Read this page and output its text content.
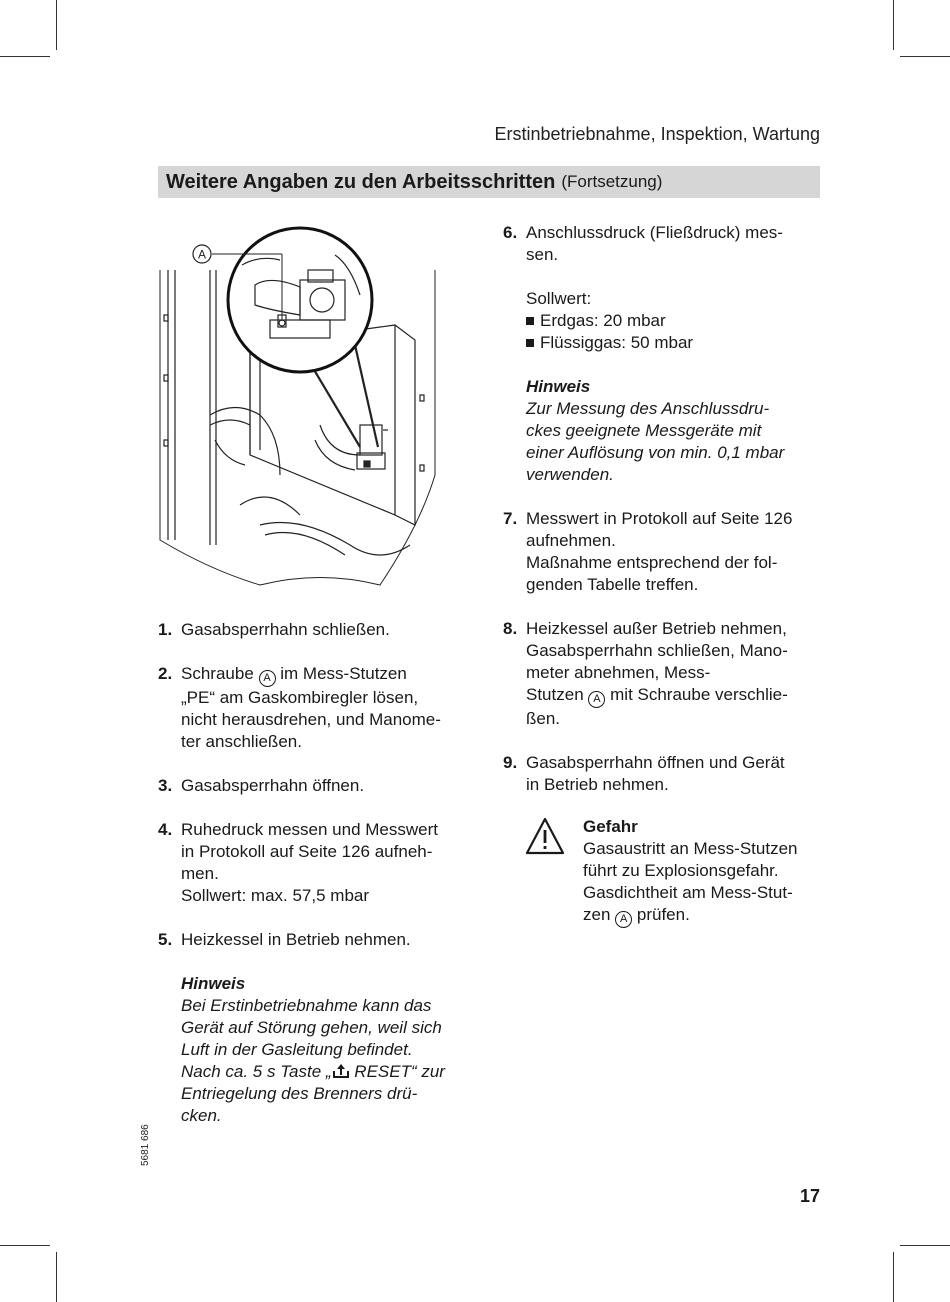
Erstinbetriebnahme, Inspektion, Wartung
Weitere Angaben zu den Arbeitsschritten (Fortsetzung)
A
1. Gasabsperrhahn schließen.
2. Schraube A im Mess-Stutzen
„PE“ am Gaskombiregler lösen,
nicht herausdrehen, und Manome-
ter anschließen.
3. Gasabsperrhahn öffnen.
4. Ruhedruck messen und Messwert
in Protokoll auf Seite 126 aufneh-
men.
Sollwert: max. 57,5 mbar
5. Heizkessel in Betrieb nehmen.
Hinweis
Bei Erstinbetriebnahme kann das
Gerät auf Störung gehen, weil sich
Luft in der Gasleitung befindet.
Nach ca. 5 s Taste „ RESET“ zur
Entriegelung des Brenners drü-
cken.
6. Anschlussdruck (Fließdruck) mes-
sen.
Sollwert:
Erdgas: 20 mbar
Flüssiggas: 50 mbar
Hinweis
Zur Messung des Anschlussdru-
ckes geeignete Messgeräte mit
einer Auflösung von min. 0,1 mbar
verwenden.
7. Messwert in Protokoll auf Seite 126
aufnehmen.
Maßnahme entsprechend der fol-
genden Tabelle treffen.
8. Heizkessel außer Betrieb nehmen,
Gasabsperrhahn schließen, Mano-
meter abnehmen, Mess-
Stutzen A mit Schraube verschlie-
ßen.
9. Gasabsperrhahn öffnen und Gerät
in Betrieb nehmen.
Gefahr
Gasaustritt an Mess-Stutzen
führt zu Explosionsgefahr.
Gasdichtheit am Mess-Stut-
zen A prüfen.
5681 686
17
